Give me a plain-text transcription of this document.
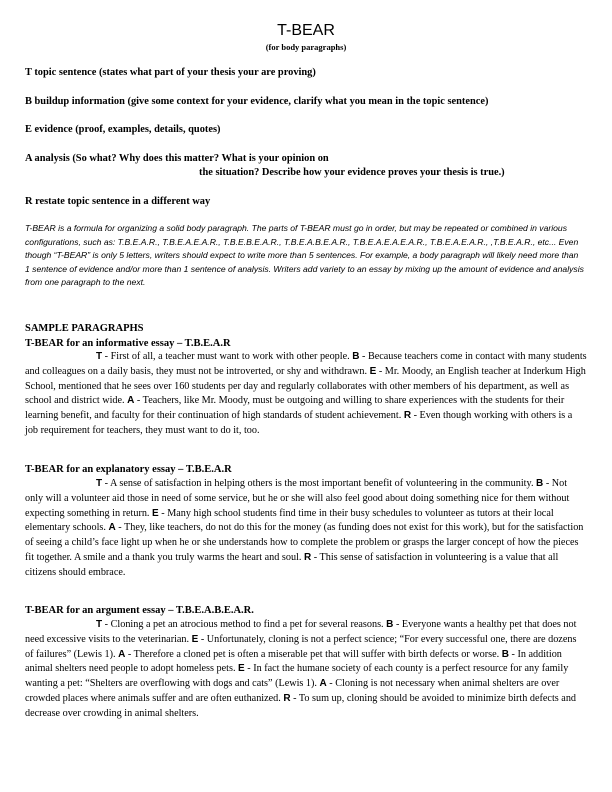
T-BEAR
(for body paragraphs)
T topic sentence (states what part of your thesis your are proving)
B buildup information (give some context for your evidence, clarify what you mean in the topic sentence)
E evidence (proof, examples, details, quotes)
A analysis (So what? Why does this matter? What is your opinion on
the situation? Describe how your evidence proves your thesis is true.)
R restate topic sentence in a different way
T-BEAR is a formula for organizing a solid body paragraph. The parts of T-BEAR must go in order, but may be repeated or combined in various configurations, such as: T.B.E.A.R., T.B.E.A.E.A.R., T.B.E.B.E.A.R., T.B.E.A.B.E.A.R., T.B.E.A.E.A.E.A.R., T.B.E.A.E.A.R., ,T.B.E.A.R., etc... Even though “T-BEAR” is only 5 letters, writers should expect to write more than 5 sentences. For example, a body paragraph will likely need more than 1 sentence of evidence and/or more than 1 sentence of analysis. Writers add variety to an essay by mixing up the amount of evidence and analysis from one paragraph to the next.
SAMPLE PARAGRAPHS
T-BEAR for an informative essay – T.B.E.A.R
T - First of all, a teacher must want to work with other people. B - Because teachers come in contact with many students and colleagues on a daily basis, they must not be introverted, or shy and withdrawn. E - Mr. Moody, an English teacher at Inderkum High School, mentioned that he sees over 160 students per day and regularly collaborates with other members of his department, as well as school and district wide. A - Teachers, like Mr. Moody, must be outgoing and willing to share experiences with the students for their learning benefit, and faculty for their continuation of high standards of student achievement. R - Even though working with others is a job requirement for teachers, they must want to do it, too.
T-BEAR for an explanatory essay – T.B.E.A.R
T - A sense of satisfaction in helping others is the most important benefit of volunteering in the community. B - Not only will a volunteer aid those in need of some service, but he or she will also feel good about doing something nice for them without expecting something in return. E - Many high school students find time in their busy schedules to volunteer as tutors at their local elementary schools. A - They, like teachers, do not do this for the money (as funding does not exist for this work), but for the satisfaction of seeing a child’s face light up when he or she understands how to complete the problem or grasps the larger concept of how the pieces fit together. A smile and a thank you truly warms the heart and soul. R - This sense of satisfaction in volunteering is a value that all citizens should embrace.
T-BEAR for an argument essay – T.B.E.A.B.E.A.R.
T - Cloning a pet an atrocious method to find a pet for several reasons. B - Everyone wants a healthy pet that does not need excessive visits to the veterinarian. E - Unfortunately, cloning is not a perfect science; “For every successful one, there are dozens of failures” (Lewis 1). A - Therefore a cloned pet is often a miserable pet that will suffer with birth defects or worse. B - In addition animal shelters need people to adopt homeless pets. E - In fact the humane society of each county is a perfect resource for any family wanting a pet: “Shelters are overflowing with dogs and cats” (Lewis 1). A - Cloning is not necessary when animal shelters are over crowded places where animals suffer and are often euthanized. R - To sum up, cloning should be avoided to minimize birth defects and decrease over crowding in animal shelters.
